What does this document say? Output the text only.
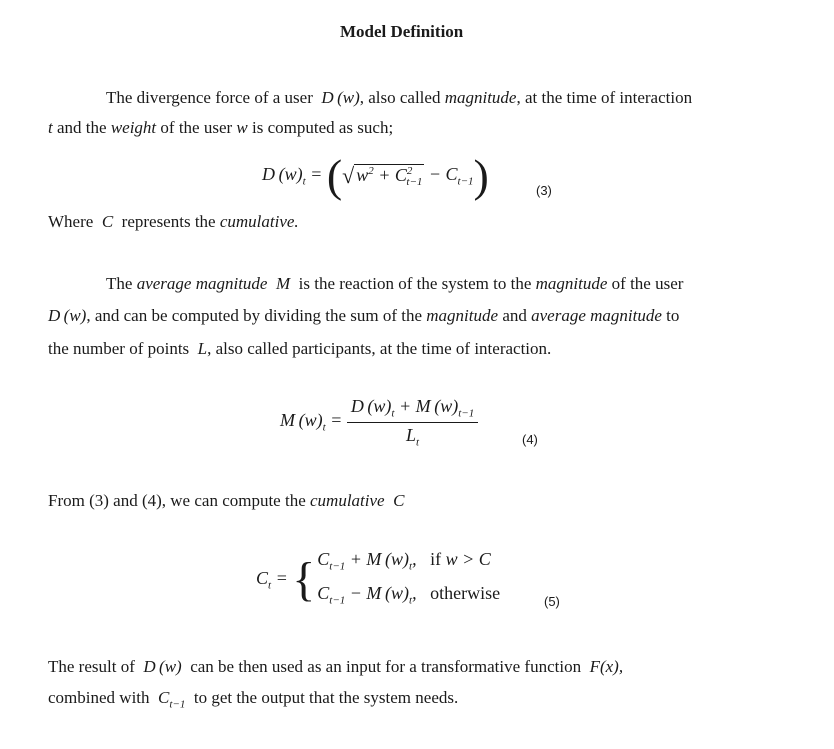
Model Definition
The divergence force of a user  D (w), also called magnitude, at the time of interaction
t and the weight of the user w is computed as such;
D $(w)_t$ = ( √ $w^2 + C^2_{t-1} - C_{t-1}$ )	(3)
Where  C  represents the cumulative.
The average magnitude  M  is the reaction of the system to the magnitude of the user
D (w), and can be computed by dividing the sum of the magnitude and average magnitude to
the number of points  L, also called participants, at the time of interaction.
M $(w)_t = \frac{D (w)_t + M (w)_{t-1}}{L_t}$	(4)
From (3) and (4), we can compute the cumulative  C
$C_t$ = { $C_{t-1} + M$ $(w)_t$,   if w > C
$C_{t-1} - M$ $(w)_t$,   otherwise	(5)
The result of  D (w)  can be then used as an input for a transformative function  F(x),
combined with  $C_{t-1}$ to get the output that the system needs.
